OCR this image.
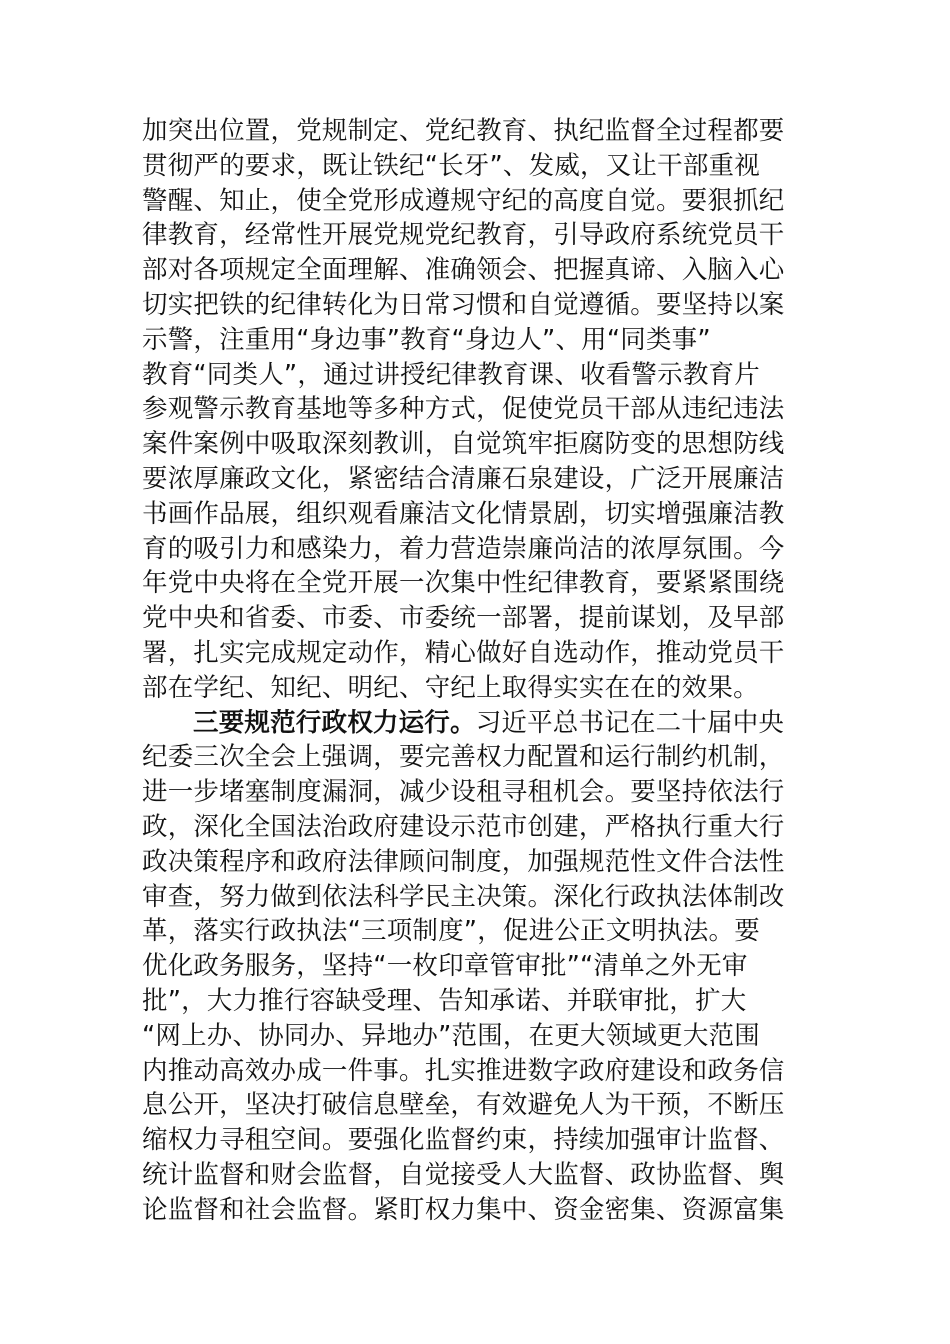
加突出位置，党规制定、党纪教育、执纪监督全过程都要
贯彻严的要求，既让铁纪“长牙”、发威，又让干部重视
警醒、知止，使全党形成遵规守纪的高度自觉。要狠抓纪
律教育，经常性开展党规党纪教育，引导政府系统党员干
部对各项规定全面理解、准确领会、把握真谛、入脑入心
切实把铁的纪律转化为日常习惯和自觉遵循。要坚持以案
示警，注重用“身边事”教育“身边人”、用“同类事”
教育“同类人”，通过讲授纪律教育课、收看警示教育片
参观警示教育基地等多种方式，促使党员干部从违纪违法
案件案例中吸取深刻教训，自觉筑牢拒腐防变的思想防线
要浓厚廉政文化，紧密结合清廉石泉建设，广泛开展廉洁
书画作品展，组织观看廉洁文化情景剧，切实增强廉洁教
育的吸引力和感染力，着力营造崇廉尚洁的浓厚氛围。今
年党中央将在全党开展一次集中性纪律教育，要紧紧围绕
党中央和省委、市委、市委统一部署，提前谋划，及早部
署，扎实完成规定动作，精心做好自选动作，推动党员干
部在学纪、知纪、明纪、守纪上取得实实在在的效果。
三要规范行政权力运行。习近平总书记在二十届中央
纪委三次全会上强调，要完善权力配置和运行制约机制，
进一步堵塞制度漏洞，减少设租寻租机会。要坚持依法行
政，深化全国法治政府建设示范市创建，严格执行重大行
政决策程序和政府法律顾问制度，加强规范性文件合法性
审查，努力做到依法科学民主决策。深化行政执法体制改
革，落实行政执法“三项制度”，促进公正文明执法。要
优化政务服务，坚持“一枚印章管审批”“清单之外无审
批”，大力推行容缺受理、告知承诺、并联审批，扩大
“网上办、协同办、异地办”范围，在更大领域更大范围
内推动高效办成一件事。扎实推进数字政府建设和政务信
息公开，坚决打破信息壁垒，有效避免人为干预，不断压
缩权力寻租空间。要强化监督约束，持续加强审计监督、
统计监督和财会监督，自觉接受人大监督、政协监督、舆
论监督和社会监督。紧盯权力集中、资金密集、资源富集
